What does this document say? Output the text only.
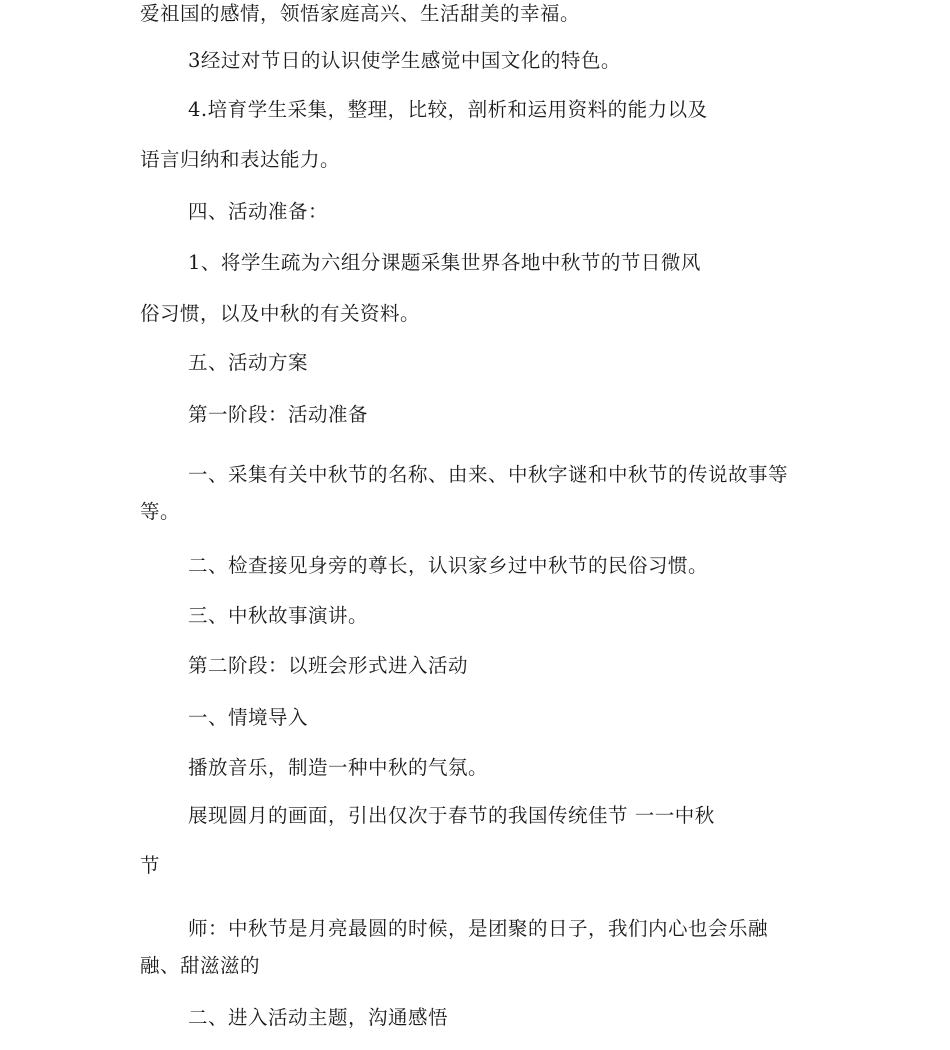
爱祖国的感情，领悟家庭高兴、生活甜美的幸福。
3经过对节日的认识使学生感觉中国文化的特色。
4.培育学生采集，整理，比较，剖析和运用资料的能力以及
语言归纳和表达能力。
四、活动准备：
1、将学生疏为六组分课题采集世界各地中秋节的节日微风
俗习惯，以及中秋的有关资料。
五、活动方案
第一阶段：活动准备
一、采集有关中秋节的名称、由来、中秋字谜和中秋节的传说故事等
等。
二、检查接见身旁的尊长，认识家乡过中秋节的民俗习惯。
三、中秋故事演讲。
第二阶段：以班会形式进入活动
一、情境导入
播放音乐，制造一种中秋的气氛。
展现圆月的画面，引出仅次于春节的我国传统佳节 一一中秋
节
师：中秋节是月亮最圆的时候，是团聚的日子，我们内心也会乐融
融、甜滋滋的
二、进入活动主题，沟通感悟
